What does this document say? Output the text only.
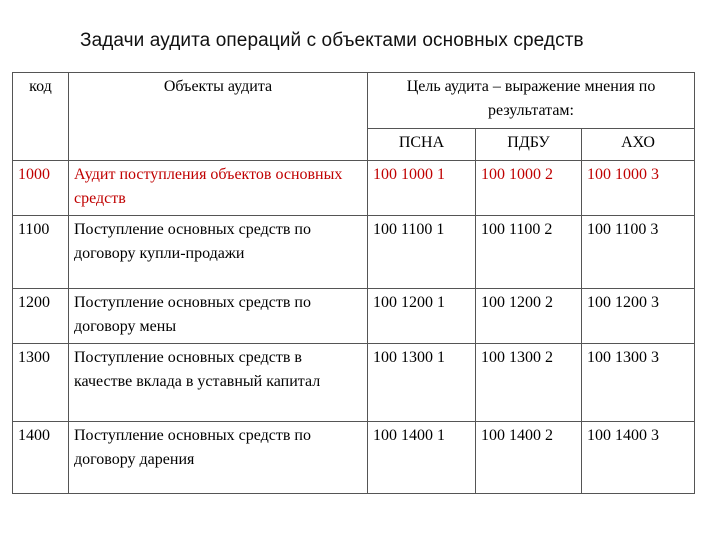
Задачи аудита операций с объектами основных средств
код	Объекты аудита	Цель аудита – выражение мнения по результатам:		
		ПСНА	ПДБУ	АХО
1000	Аудит поступления объектов основных средств	100 1000 1	100 1000 2	100 1000 3
1100	Поступление основных средств по договору купли-продажи	100 1100 1	100 1100 2	100 1100 3
1200	Поступление основных средств по договору мены	100 1200 1	100 1200 2	100 1200 3
1300	Поступление основных средств в качестве вклада в уставный капитал	100 1300 1	100 1300 2	100 1300 3
1400	Поступление основных средств по договору дарения	100 1400 1	100 1400 2	100 1400 3
